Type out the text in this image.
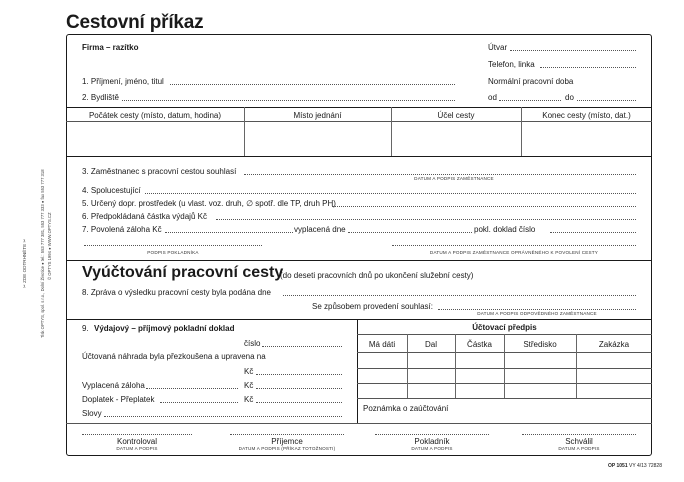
Cestovní příkaz
✂ ZDE ODTRHNĚTE ✂	Tisk OPTYS, spol. s r.o., Dolní Životice ● tel.: 553 777 381, 553 777 333 ● fax 553 777 318 © OPTYS 1994 ● WWW.OPTYS.CZ
Firma – razítko	Útvar
Telefon, linka
Normální pracovní doba
od	do
1. Příjmení, jméno, titul
2. Bydliště
Počátek cesty (místo, datum, hodina)	Místo jednání	Účel cesty	Konec cesty (místo, dat.)
3. Zaměstnanec s pracovní cestou souhlasí
DATUM A PODPIS ZAMĚSTNANCE
4. Spolucestující
5. Určený dopr. prostředek (u vlast. voz. druh, ∅ spotř. dle TP, druh PH)
6. Předpokládaná částka výdajů Kč
7. Povolená záloha Kč	vyplacená dne	pokl. doklad číslo
PODPIS POKLADNÍKA	DATUM A PODPIS ZAMĚSTNANCE OPRÁVNĚNÉHO K POVOLENÍ CESTY
Vyúčtování pracovní cesty
(do deseti pracovních dnů po ukončení služební cesty)
8. Zpráva o výsledku pracovní cesty byla podána dne
Se způsobem provedení souhlasí:
DATUM A PODPIS ODPOVĚDNÉHO ZAMĚSTNANCE
9. Výdajový – příjmový pokladní doklad
číslo
Účtovaná náhrada byla přezkoušena a upravena na
Kč
Vyplacená záloha	Kč
Doplatek - Přeplatek	Kč
Slovy
Účtovací předpis
Má dáti	Dal	Částka	Středisko	Zakázka
Poznámka o zaúčtování
Kontroloval
DATUM A PODPIS
Příjemce
DATUM A PODPIS (PŘÍKAZ TOTOŽNOSTI)
Pokladník
DATUM A PODPIS
Schválil
DATUM A PODPIS
OP 1051 VY 4/13 72828
